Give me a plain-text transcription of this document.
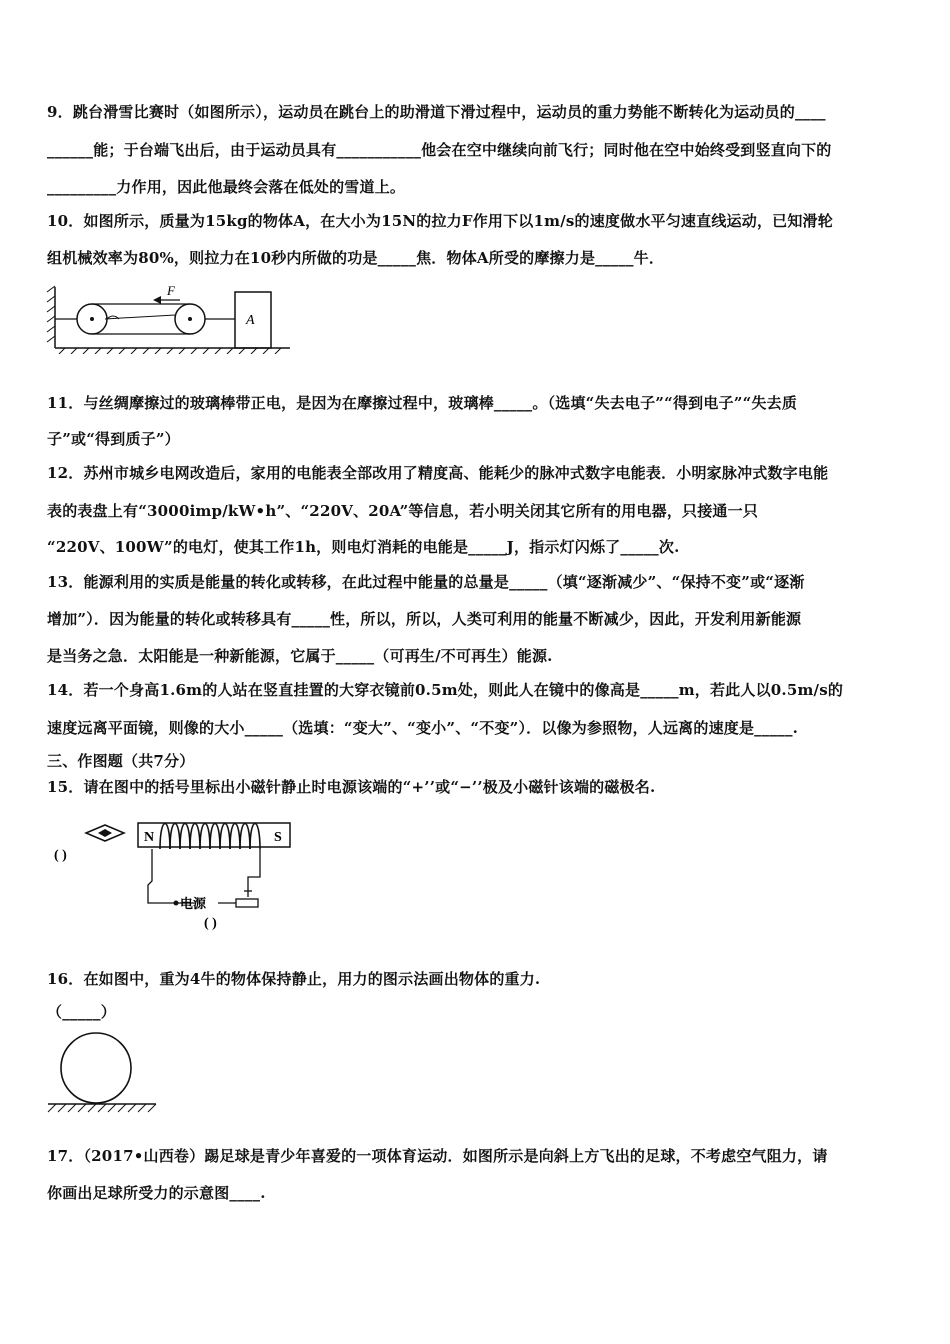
9．跳台滑雪比赛时（如图所示），运动员在跳台上的助滑道下滑过程中，运动员的重力势能不断转化为运动员的____
______能；于台端飞出后，由于运动员具有___________他会在空中继续向前飞行；同时他在空中始终受到竖直向下的
_________力作用，因此他最终会落在低处的雪道上。
10．如图所示，质量为15kg的物体A，在大小为15N的拉力F作用下以1m/s的速度做水平匀速直线运动，已知滑轮
组机械效率为80%，则拉力在10秒内所做的功是_____焦．物体A所受的摩擦力是_____牛．
F
A
11．与丝绸摩擦过的玻璃棒带正电，是因为在摩擦过程中，玻璃棒_____。（选填“失去电子”“得到电子”“失去质
子”或“得到质子”）
12．苏州市城乡电网改造后，家用的电能表全部改用了精度高、能耗少的脉冲式数字电能表．小明家脉冲式数字电能
表的表盘上有“3000imp/kW•h”、“220V、20A”等信息，若小明关闭其它所有的用电器，只接通一只
“220V、100W”的电灯，使其工作1h，则电灯消耗的电能是_____J，指示灯闪烁了_____次.
13．能源利用的实质是能量的转化或转移，在此过程中能量的总量是_____（填“逐渐减少”、“保持不变”或“逐渐
增加”）．因为能量的转化或转移具有_____性，所以，所以，人类可利用的能量不断减少，因此，开发利用新能源
是当务之急．太阳能是一种新能源，它属于_____（可再生/不可再生）能源.
14．若一个身高1.6m的人站在竖直挂置的大穿衣镜前0.5m处，则此人在镜中的像高是_____m，若此人以0.5m/s的
速度远离平面镜，则像的大小_____（选填：“变大”、“变小”、“不变”）．以像为参照物，人远离的速度是_____.
三、作图题（共7分）
15．请在图中的括号里标出小磁针静止时电源该端的“+’’或“−’’极及小磁针该端的磁极名.
( )
N	S
电源
( )
16．在如图中，重为4牛的物体保持静止，用力的图示法画出物体的重力.
（_____）
17．（2017•山西卷）踢足球是青少年喜爱的一项体育运动．如图所示是向斜上方飞出的足球，不考虑空气阻力，请
你画出足球所受力的示意图____.
